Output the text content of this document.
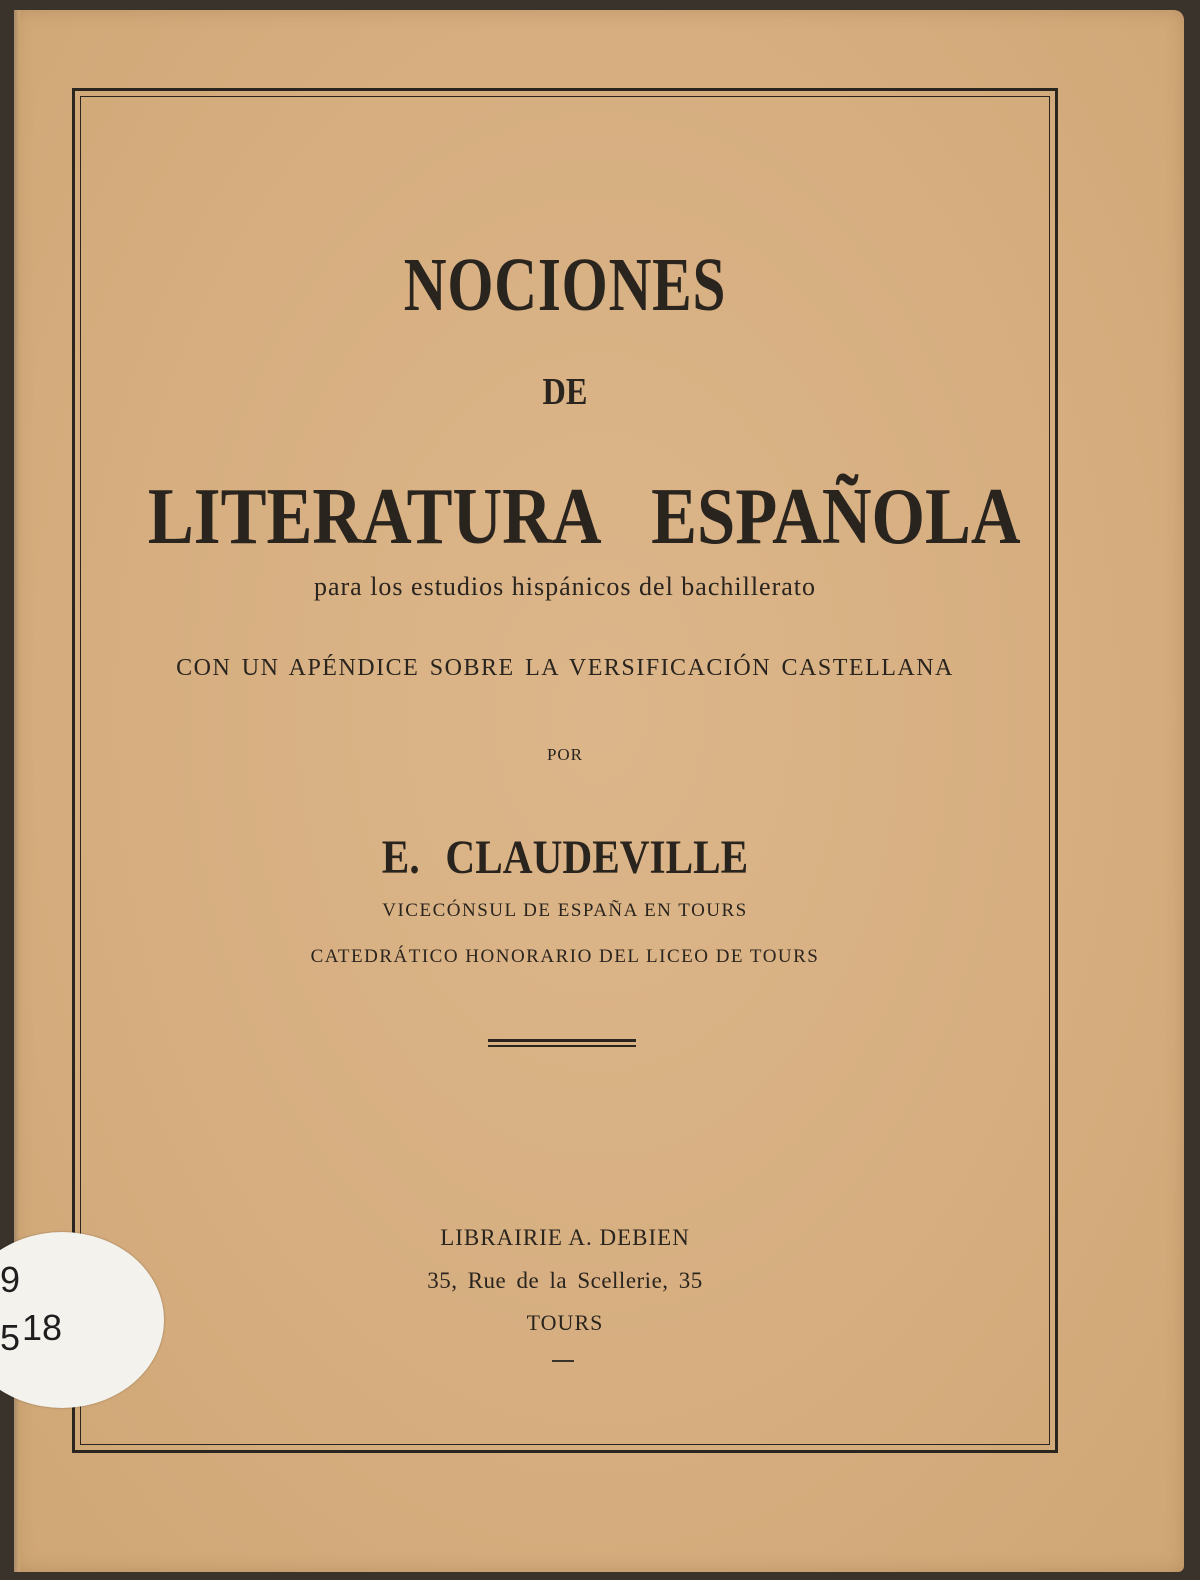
NOCIONES
DE
LITERATURA ESPAÑOLA
para los estudios hispánicos del bachillerato
CON UN APÉNDICE SOBRE LA VERSIFICACIÓN CASTELLANA
POR
E. CLAUDEVILLE
VICECÓNSUL DE ESPAÑA EN TOURS
CATEDRÁTICO HONORARIO DEL LICEO DE TOURS
LIBRAIRIE A. DEBIEN
35, Rue de la Scellerie, 35
TOURS
9
5 18
